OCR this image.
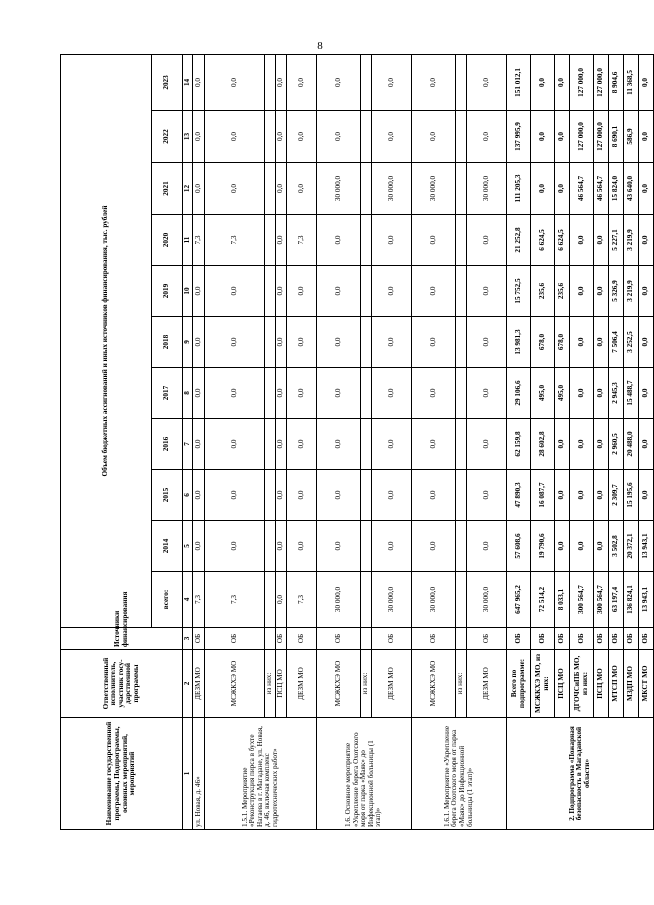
8
Наименование государственной программы, Подпрограммы, основных мероприятий, мероприятий	Ответственный исполнитель, участник госу-дарственной программы	Источники финансирования	Объем бюджетных ассигнований и иных источников финансирования, тыс. рублей										
			всего:	2014	2015	2016	2017	2018	2019	2020	2021	2022	2023
1	2	3	4	5	6	7	8	9	10	11	12	13	14
ул. Новая, д. 46»	ДЕЗМ МО	ОБ	7,3	0,0	0,0	0,0	0,0	0,0	0,0	7,3	0,0	0,0	0,0
1.5.1. Мероприятие «Реконструкция пирса в бухте Нагаева в г. Магадане, ул. Новая, д. 46, включая комплекс гидротехнических работ»	МСЖКХЭ МО	ОБ	7,3	0,0	0,0	0,0	0,0	0,0	0,0	7,3	0,0	0,0	0,0
	из них:												
	ПСЦ МО	ОБ	0,0	0,0	0,0	0,0	0,0	0,0	0,0	0,0	0,0	0,0	0,0
	ДЕЗМ МО	ОБ	7,3	0,0	0,0	0,0	0,0	0,0	0,0	7,3	0,0	0,0	0,0
1.6. Основное мероприятие «Укрепление берега Охотского моря от парка «Маяк» до Инфекционной больницы (1 этап)»	МСЖКХЭ МО	ОБ	30 000,0	0,0	0,0	0,0	0,0	0,0	0,0	0,0	30 000,0	0,0	0,0
	из них:												
	ДЕЗМ МО	ОБ	30 000,0	0,0	0,0	0,0	0,0	0,0	0,0	0,0	30 000,0	0,0	0,0
1.6.1. Мероприятие «Укрепление берега Охотского моря от парка «Маяк» до Инфекционной больницы (1 этап)»	МСЖКХЭ МО	ОБ	30 000,0	0,0	0,0	0,0	0,0	0,0	0,0	0,0	30 000,0	0,0	0,0
	из них:												
	ДЕЗМ МО	ОБ	30 000,0	0,0	0,0	0,0	0,0	0,0	0,0	0,0	30 000,0	0,0	0,0
2. Подпрограмма «Пожарная безопасность в Магаданской области»	Всего по подпрограмме:	ОБ	647 965,2	57 608,6	47 890,3	62 159,8	29 106,6	13 981,3	15 752,5	21 252,8	111 205,3	137 995,9	151 012,1
	МСЖКХЭ МО, из них:	ОБ	72 514,2	19 790,6	16 087,7	28 602,8	495,0	678,0	235,6	6 624,5	0,0	0,0	0,0
	ПСЦ МО	ОБ	8 033,1	0,0	0,0	0,0	495,0	678,0	235,6	6 624,5	0,0	0,0	0,0
	ДГОЧСиПБ МО, из них:	ОБ	300 564,7	0,0	0,0	0,0	0,0	0,0	0,0	0,0	46 564,7	127 000,0	127 000,0
	ПСЦ МО	ОБ	300 564,7	0,0	0,0	0,0	0,0	0,0	0,0	0,0	46 564,7	127 000,0	127 000,0
	МТСП МО	ОБ	63 197,4	3 502,8	2 309,7	2 960,5	2 945,3	7 506,4	5 326,9	5 227,1	15 824,0	8 690,1	8 904,6
	МЗДП МО	ОБ	136 824,1	20 372,1	15 195,6	20 488,0	15 488,7	3 252,5	3 219,9	3 219,9	43 640,0	586,9	11 368,5
	МКСТ МО	ОБ	13 943,1	13 943,1	0,0	0,0	0,0	0,0	0,0	0,0	0,0	0,0	0,0
